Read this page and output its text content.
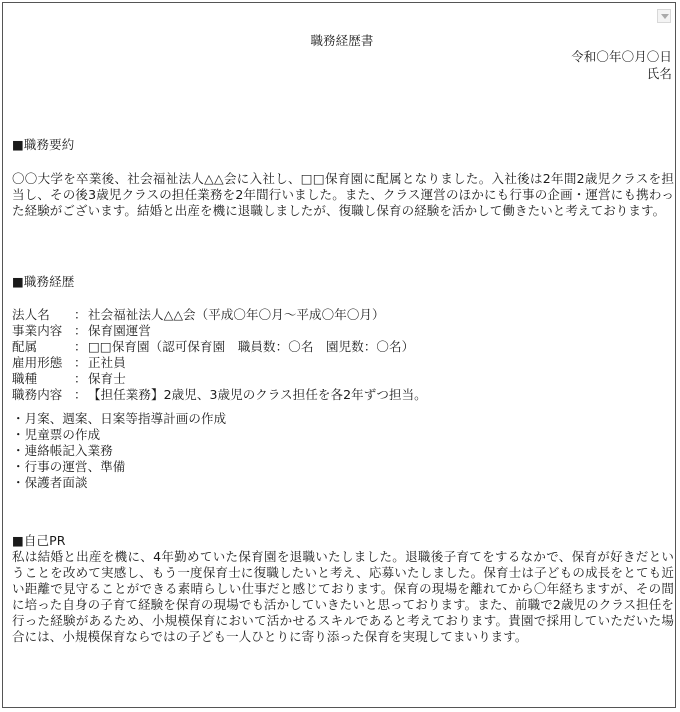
職務経歴書
令和〇年〇月〇日
氏名
■職務要約
〇〇大学を卒業後、社会福祉法人△△会に入社し、□□保育園に配属となりました。入社後は2年間2歳児クラスを担当し、その後3歳児クラスの担任業務を2年間行いました。また、クラス運営のほかにも行事の企画・運営にも携わった経験がございます。結婚と出産を機に退職しましたが、復職し保育の経験を活かして働きたいと考えております。
■職務経歴
法人名	： 社会福祉法人△△会（平成〇年〇月～平成〇年〇月）
事業内容 ： 保育園運営
配属	： □□保育園（認可保育園　職員数：〇名　園児数：〇名）
雇用形態 ： 正社員
職種	： 保育士
職務内容 ： 【担任業務】2歳児、3歳児のクラス担任を各2年ずつ担当。
・月案、週案、日案等指導計画の作成
・児童票の作成
・連絡帳記入業務
・行事の運営、準備
・保護者面談
■自己PR
私は結婚と出産を機に、4年勤めていた保育園を退職いたしました。退職後子育てをするなかで、保育が好きだということを改めて実感し、もう一度保育士に復職したいと考え、応募いたしました。保育士は子どもの成長をとても近い距離で見守ることができる素晴らしい仕事だと感じております。保育の現場を離れてから〇年経ちますが、その間に培った自身の子育て経験を保育の現場でも活かしていきたいと思っております。また、前職で2歳児のクラス担任を行った経験があるため、小規模保育において活かせるスキルであると考えております。貴園で採用していただいた場合には、小規模保育ならではの子ども一人ひとりに寄り添った保育を実現してまいります。
